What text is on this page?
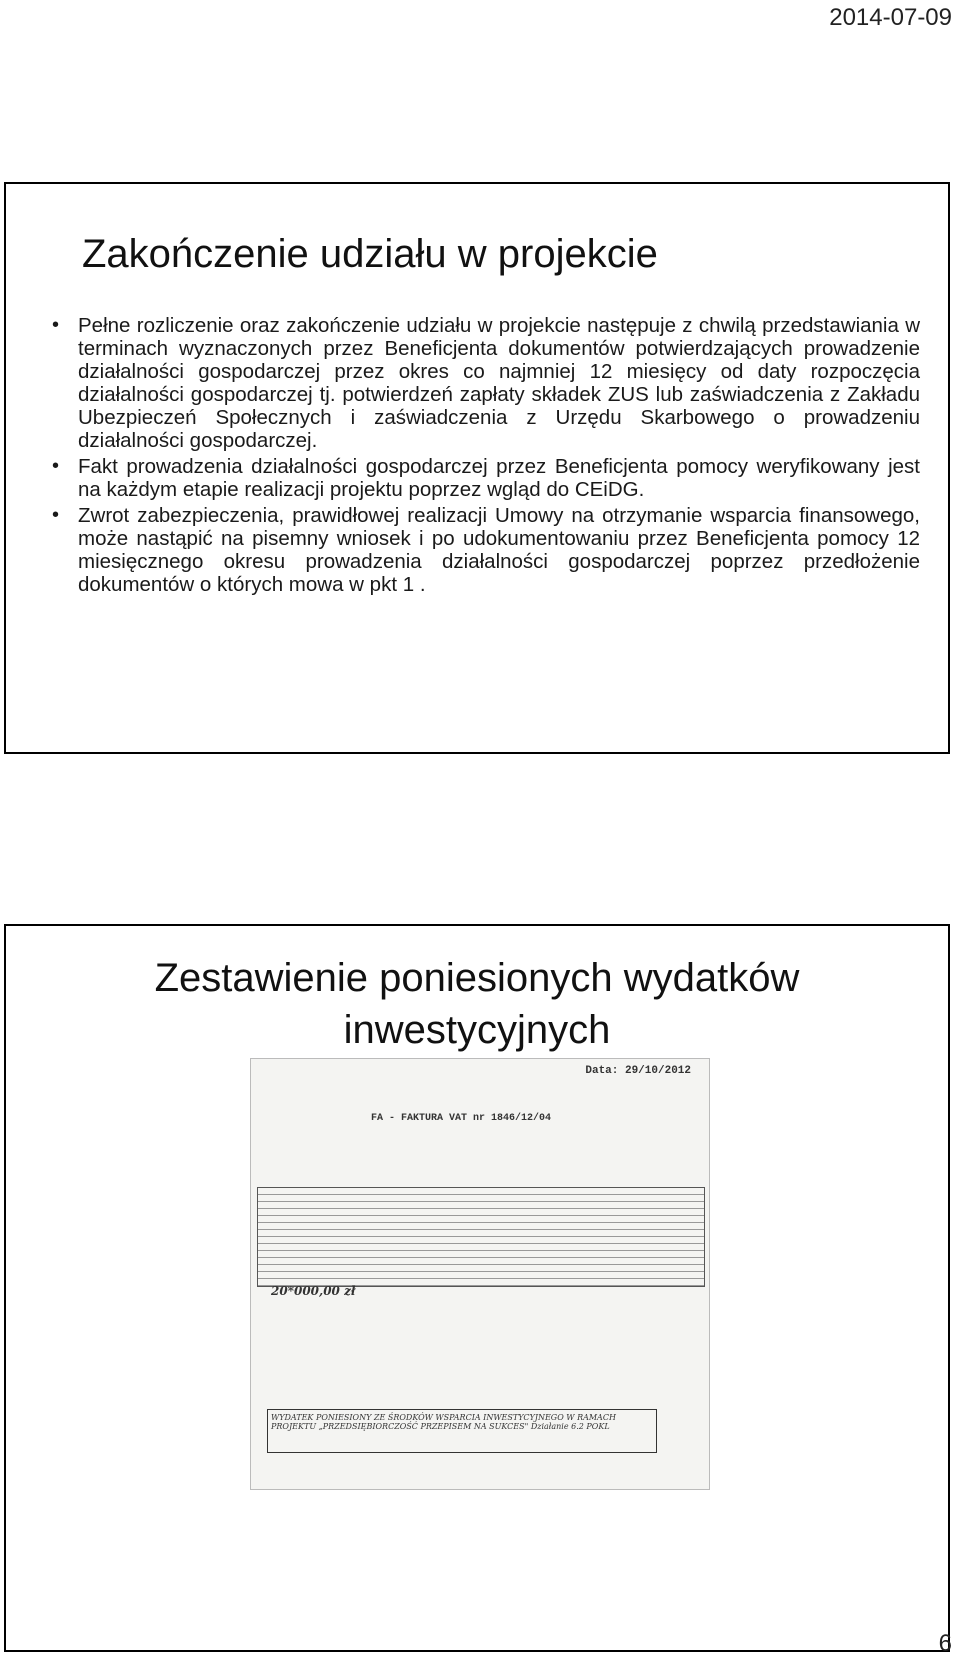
2014-07-09
Zakończenie udziału w projekcie
• Pełne rozliczenie oraz zakończenie udziału w projekcie następuje z chwilą przedstawiania w terminach wyznaczonych przez Beneficjenta dokumentów potwierdzających prowadzenie działalności gospodarczej przez okres co najmniej 12 miesięcy od daty rozpoczęcia działalności gospodarczej tj. potwierdzeń zapłaty składek ZUS lub zaświadczenia z Zakładu Ubezpieczeń Społecznych i zaświadczenia z Urzędu Skarbowego o prowadzeniu działalności gospodarczej.
• Fakt prowadzenia działalności gospodarczej przez Beneficjenta pomocy weryfikowany jest na każdym etapie realizacji projektu poprzez wgląd do CEiDG.
• Zwrot zabezpieczenia, prawidłowej realizacji Umowy na otrzymanie wsparcia finansowego, może nastąpić na pisemny wniosek i po udokumentowaniu przez Beneficjenta pomocy 12 miesięcznego okresu prowadzenia działalności gospodarczej poprzez przedłożenie dokumentów o których mowa w pkt 1 .
Zestawienie poniesionych wydatków
inwestycyjnych
Data: 29/10/2012
FA - FAKTURA VAT nr 1846/12/04
20*000,00 zł
WYDATEK PONIESIONY ZE ŚRODKÓW WSPARCIA INWESTYCYJNEGO W RAMACH PROJEKTU „PRZEDSIĘBIORCZOŚĆ PRZEPISEM NA SUKCES" Działanie 6.2 POKL
6
